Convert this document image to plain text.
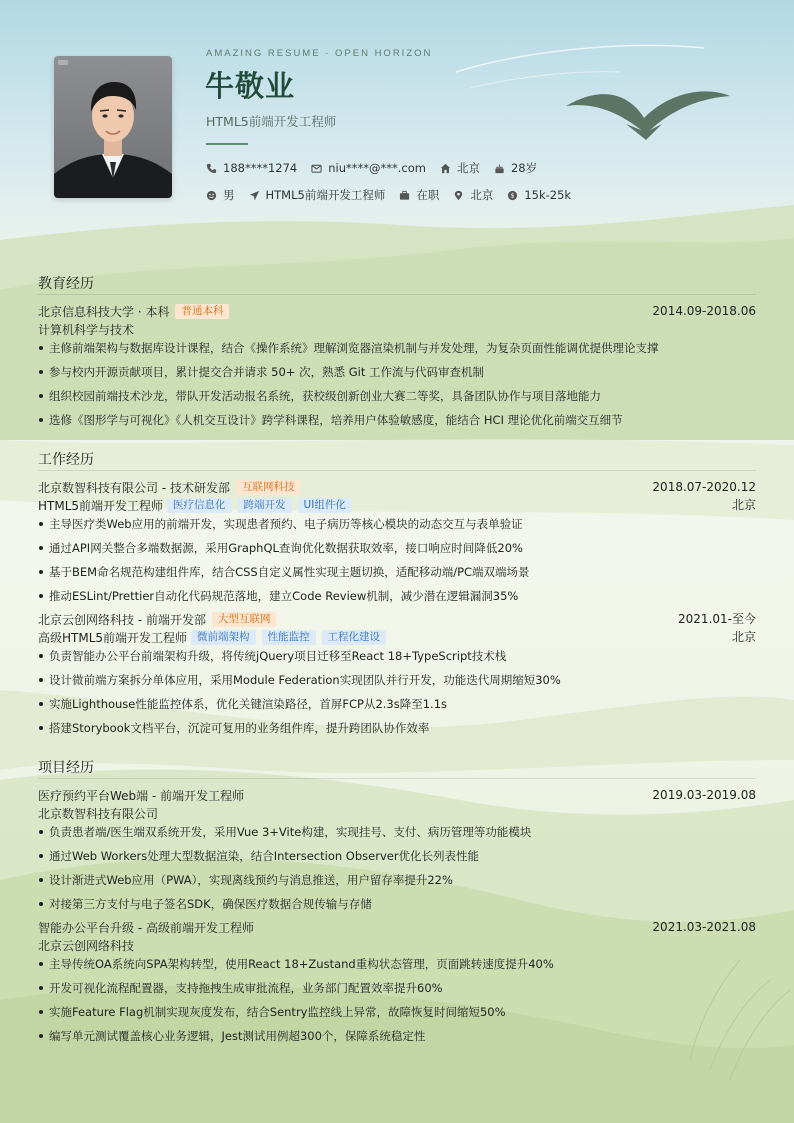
AMAZING RESUME · OPEN HORIZON
牛敬业
HTML5前端开发工程师
188****1274	niu****@***.com	北京	28岁
男	HTML5前端开发工程师	在职	北京 $ 15k-25k
教育经历
北京信息科技大学 · 本科	普通本科	2014.09-2018.06
计算机科学与技术
主修前端架构与数据库设计课程，结合《操作系统》理解浏览器渲染机制与并发处理，为复杂页面性能调优提供理论支撑
参与校内开源贡献项目，累计提交合并请求 50+ 次，熟悉 Git 工作流与代码审查机制
组织校园前端技术沙龙，带队开发活动报名系统，获校级创新创业大赛二等奖，具备团队协作与项目落地能力
选修《图形学与可视化》《人机交互设计》跨学科课程，培养用户体验敏感度，能结合 HCI 理论优化前端交互细节
工作经历
北京数智科技有限公司 - 技术研发部	互联网科技	2018.07-2020.12
HTML5前端开发工程师 医疗信息化	跨端开发	UI组件化	北京
主导医疗类Web应用的前端开发，实现患者预约、电子病历等核心模块的动态交互与表单验证
通过API网关整合多端数据源，采用GraphQL查询优化数据获取效率，接口响应时间降低20%
基于BEM命名规范构建组件库，结合CSS自定义属性实现主题切换，适配移动端/PC端双端场景
推动ESLint/Prettier自动化代码规范落地，建立Code Review机制，减少潜在逻辑漏洞35%
北京云创网络科技 - 前端开发部	大型互联网	2021.01-至今
高级HTML5前端开发工程师 微前端架构	性能监控	工程化建设	北京
负责智能办公平台前端架构升级，将传统jQuery项目迁移至React 18+TypeScript技术栈
设计微前端方案拆分单体应用，采用Module Federation实现团队并行开发，功能迭代周期缩短30%
实施Lighthouse性能监控体系，优化关键渲染路径，首屏FCP从2.3s降至1.1s
搭建Storybook文档平台，沉淀可复用的业务组件库，提升跨团队协作效率
项目经历
医疗预约平台Web端 - 前端开发工程师	2019.03-2019.08
北京数智科技有限公司
负责患者端/医生端双系统开发，采用Vue 3+Vite构建，实现挂号、支付、病历管理等功能模块
通过Web Workers处理大型数据渲染，结合Intersection Observer优化长列表性能
设计渐进式Web应用（PWA），实现离线预约与消息推送，用户留存率提升22%
对接第三方支付与电子签名SDK，确保医疗数据合规传输与存储
智能办公平台升级 - 高级前端开发工程师	2021.03-2021.08
北京云创网络科技
主导传统OA系统向SPA架构转型，使用React 18+Zustand重构状态管理，页面跳转速度提升40%
开发可视化流程配置器，支持拖拽生成审批流程，业务部门配置效率提升60%
实施Feature Flag机制实现灰度发布，结合Sentry监控线上异常，故障恢复时间缩短50%
编写单元测试覆盖核心业务逻辑，Jest测试用例超300个，保障系统稳定性
